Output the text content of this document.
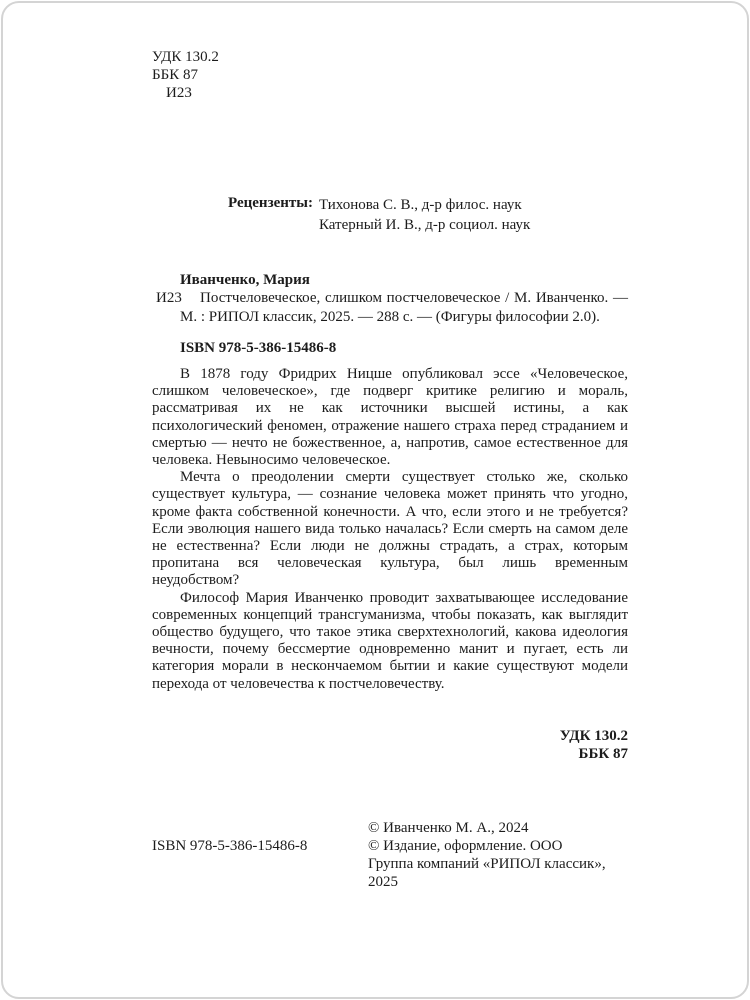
УДК 130.2
ББК 87
И23
Рецензенты: Тихонова С. В., д-р филос. наук
Катерный И. В., д-р социол. наук
Иванченко, Мария
И23	Постчеловеческое, слишком постчеловеческое / М. Иванченко. — М. : РИПОЛ классик, 2025. — 288 с. — (Фигуры философии 2.0).

ISBN 978-5-386-15486-8

В 1878 году Фридрих Ницше опубликовал эссе «Человеческое, слишком человеческое», где подверг критике религию и мораль, рассматривая их не как источники высшей истины, а как психологический феномен, отражение нашего страха перед страданием и смертью — нечто не божественное, а, напротив, самое естественное для человека. Невыносимо человеческое.

Мечта о преодолении смерти существует столько же, сколько существует культура, — сознание человека может принять что угодно, кроме факта собственной конечности. А что, если этого и не требуется? Если эволюция нашего вида только началась? Если смерть на самом деле не естественна? Если люди не должны страдать, а страх, которым пропитана вся человеческая культура, был лишь временным неудобством?

Философ Мария Иванченко проводит захватывающее исследование современных концепций трансгуманизма, чтобы показать, как выглядит общество будущего, что такое этика сверхтехнологий, какова идеология вечности, почему бессмертие одновременно манит и пугает, есть ли категория морали в нескончаемом бытии и какие существуют модели перехода от человечества к постчеловечеству.

УДК 130.2
ББК 87
ISBN 978-5-386-15486-8
© Иванченко М. А., 2024
© Издание, оформление. ООО
Группа компаний «РИПОЛ классик»,
2025
